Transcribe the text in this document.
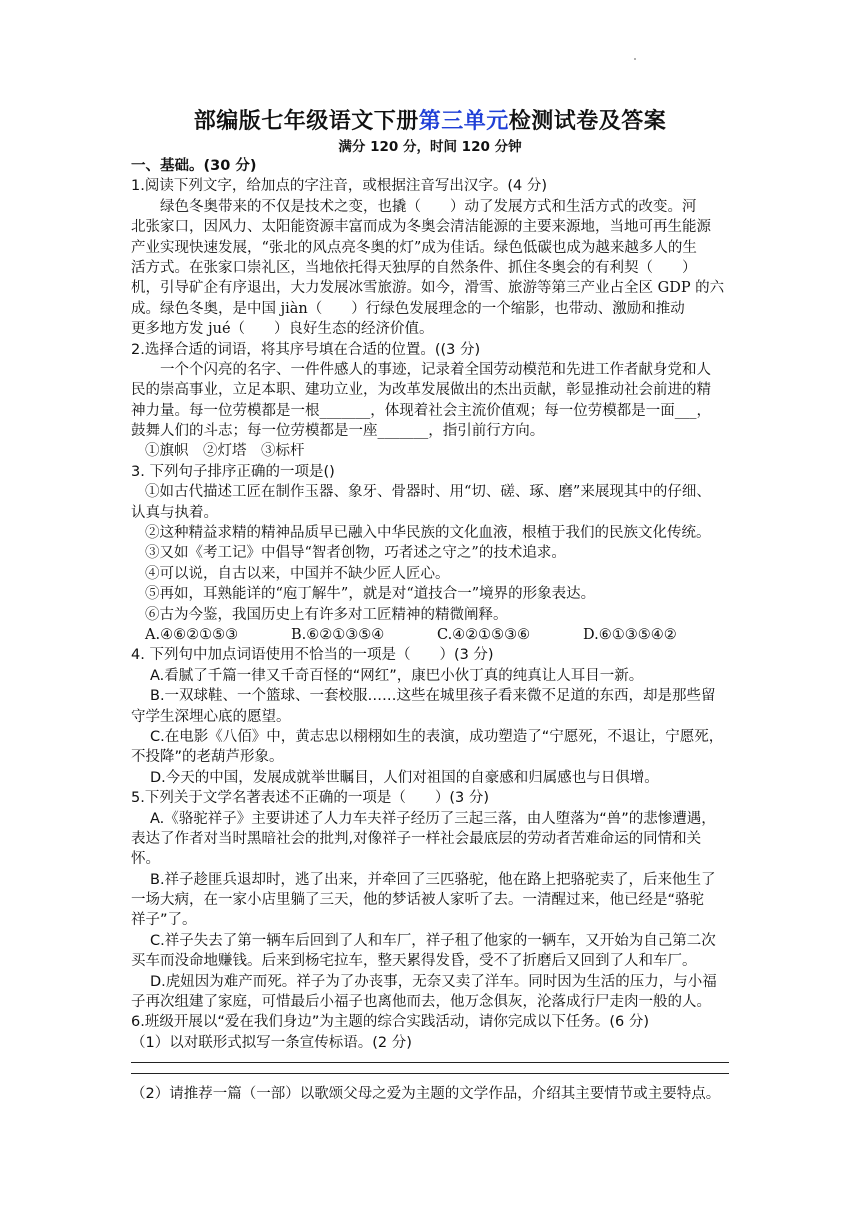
部编版七年级语文下册第三单元检测试卷及答案
满分 120 分，时间 120 分钟
一、基础。(30 分)
1.阅读下列文字，给加点的字注音，或根据注音写出汉字。(4 分)
绿色冬奥带来的不仅是技术之变，也撬（　　）动了发展方式和生活方式的改变。河
北张家口，因风力、太阳能资源丰富而成为冬奥会清洁能源的主要来源地，当地可再生能源
产业实现快速发展，“张北的风点亮冬奥的灯”成为佳话。绿色低碳也成为越来越多人的生
活方式。在张家口崇礼区，当地依托得天独厚的自然条件、抓住冬奥会的有利契（　　）
机，引导矿企有序退出，大力发展冰雪旅游。如今，滑雪、旅游等第三产业占全区 GDP 的六
成。绿色冬奥，是中国 jiàn（　　）行绿色发展理念的一个缩影，也带动、激励和推动
更多地方发 jué（　　）良好生态的经济价值。
2.选择合适的词语，将其序号填在合适的位置。((3 分)
一个个闪亮的名字、一件件感人的事迹，记录着全国劳动模范和先进工作者献身党和人
民的崇高事业，立足本职、建功立业，为改革发展做出的杰出贡献，彰显推动社会前进的精
神力量。每一位劳模都是一根_______，体现着社会主流价值观；每一位劳模都是一面___，
鼓舞人们的斗志；每一位劳模都是一座_______，指引前行方向。
①旗帜　②灯塔　③标杆
3. 下列句子排序正确的一项是()
①如古代描述工匠在制作玉器、象牙、骨器时、用“切、磋、琢、磨”来展现其中的仔细、
认真与执着。
②这种精益求精的精神品质早已融入中华民族的文化血液，根植于我们的民族文化传统。
③又如《考工记》中倡导“智者创物，巧者述之守之”的技术追求。
④可以说，自古以来，中国并不缺少匠人匠心。
⑤再如，耳熟能详的“庖丁解牛”，就是对“道技合一”境界的形象表达。
⑥古为今鉴，我国历史上有许多对工匠精神的精微阐释。
A.④⑥②①⑤③	B.⑥②①③⑤④	C.④②①⑤③⑥	D.⑥①③⑤④②
4. 下列句中加点词语使用不恰当的一项是（　　）(3 分)
A.看腻了千篇一律又千奇百怪的“网红”，康巴小伙丁真的纯真让人耳目一新。
B.一双球鞋、一个篮球、一套校服……这些在城里孩子看来微不足道的东西，却是那些留
守学生深埋心底的愿望。
C.在电影《八佰》中，黄志忠以栩栩如生的表演，成功塑造了“宁愿死，不退让，宁愿死，
不投降”的老葫芦形象。
D.今天的中国，发展成就举世瞩目，人们对祖国的自豪感和归属感也与日俱增。
5.下列关于文学名著表述不正确的一项是（　　）(3 分)
A.《骆驼祥子》主要讲述了人力车夫祥子经历了三起三落，由人堕落为“兽”的悲惨遭遇，
表达了作者对当时黑暗社会的批判,对像祥子一样社会最底层的劳动者苦难命运的同情和关
怀。
B.祥子趁匪兵退却时，逃了出来，并牵回了三匹骆驼，他在路上把骆驼卖了，后来他生了
一场大病，在一家小店里躺了三天，他的梦话被人家听了去。一清醒过来，他已经是“骆驼
祥子”了。
C.祥子失去了第一辆车后回到了人和车厂，祥子租了他家的一辆车，又开始为自己第二次
买车而没命地赚钱。后来到杨宅拉车，整天累得发昏，受不了折磨后又回到了人和车厂。
D.虎妞因为难产而死。祥子为了办丧事，无奈又卖了洋车。同时因为生活的压力，与小福
子再次组建了家庭，可惜最后小福子也离他而去，他万念俱灰，沦落成行尸走肉一般的人。
6.班级开展以“爱在我们身边”为主题的综合实践活动，请你完成以下任务。(6 分)
（1）以对联形式拟写一条宣传标语。(2 分)
（2）请推荐一篇（一部）以歌颂父母之爱为主题的文学作品，介绍其主要情节或主要特点。
